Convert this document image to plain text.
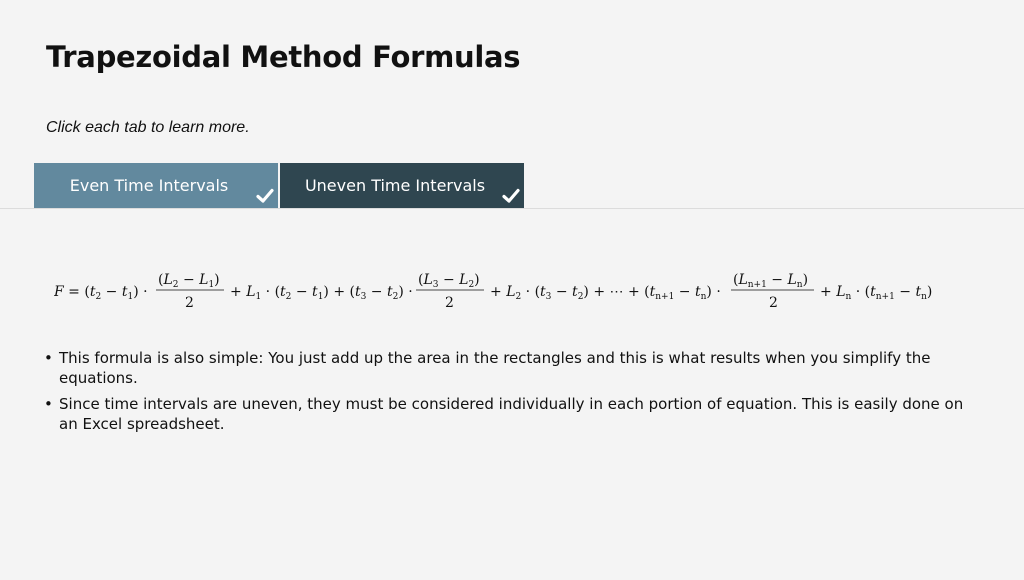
Trapezoidal Method Formulas
Click each tab to learn more.
Even Time Intervals	Uneven Time Intervals
$F = (t_2 - t_1)$ ·
$(L_2 - L_1)$
2
+ $L_1 \cdot (t_2 - t_1) + (t_3 - t_2)$ ·
$(L_3 - L_2)$
2
+ $L_2 \cdot (t_3 - t_2)$ + ⋯ + $(t_{n+1} - t_n)$ ·
$(L_{n+1} - L_n)$
2
+ $L_n \cdot (t_{n+1} - t_n)$
• This formula is also simple: You just add up the area in the rectangles and this is what results when you simplify the equations.
• Since time intervals are uneven, they must be considered individually in each portion of equation. This is easily done on an Excel spreadsheet.
